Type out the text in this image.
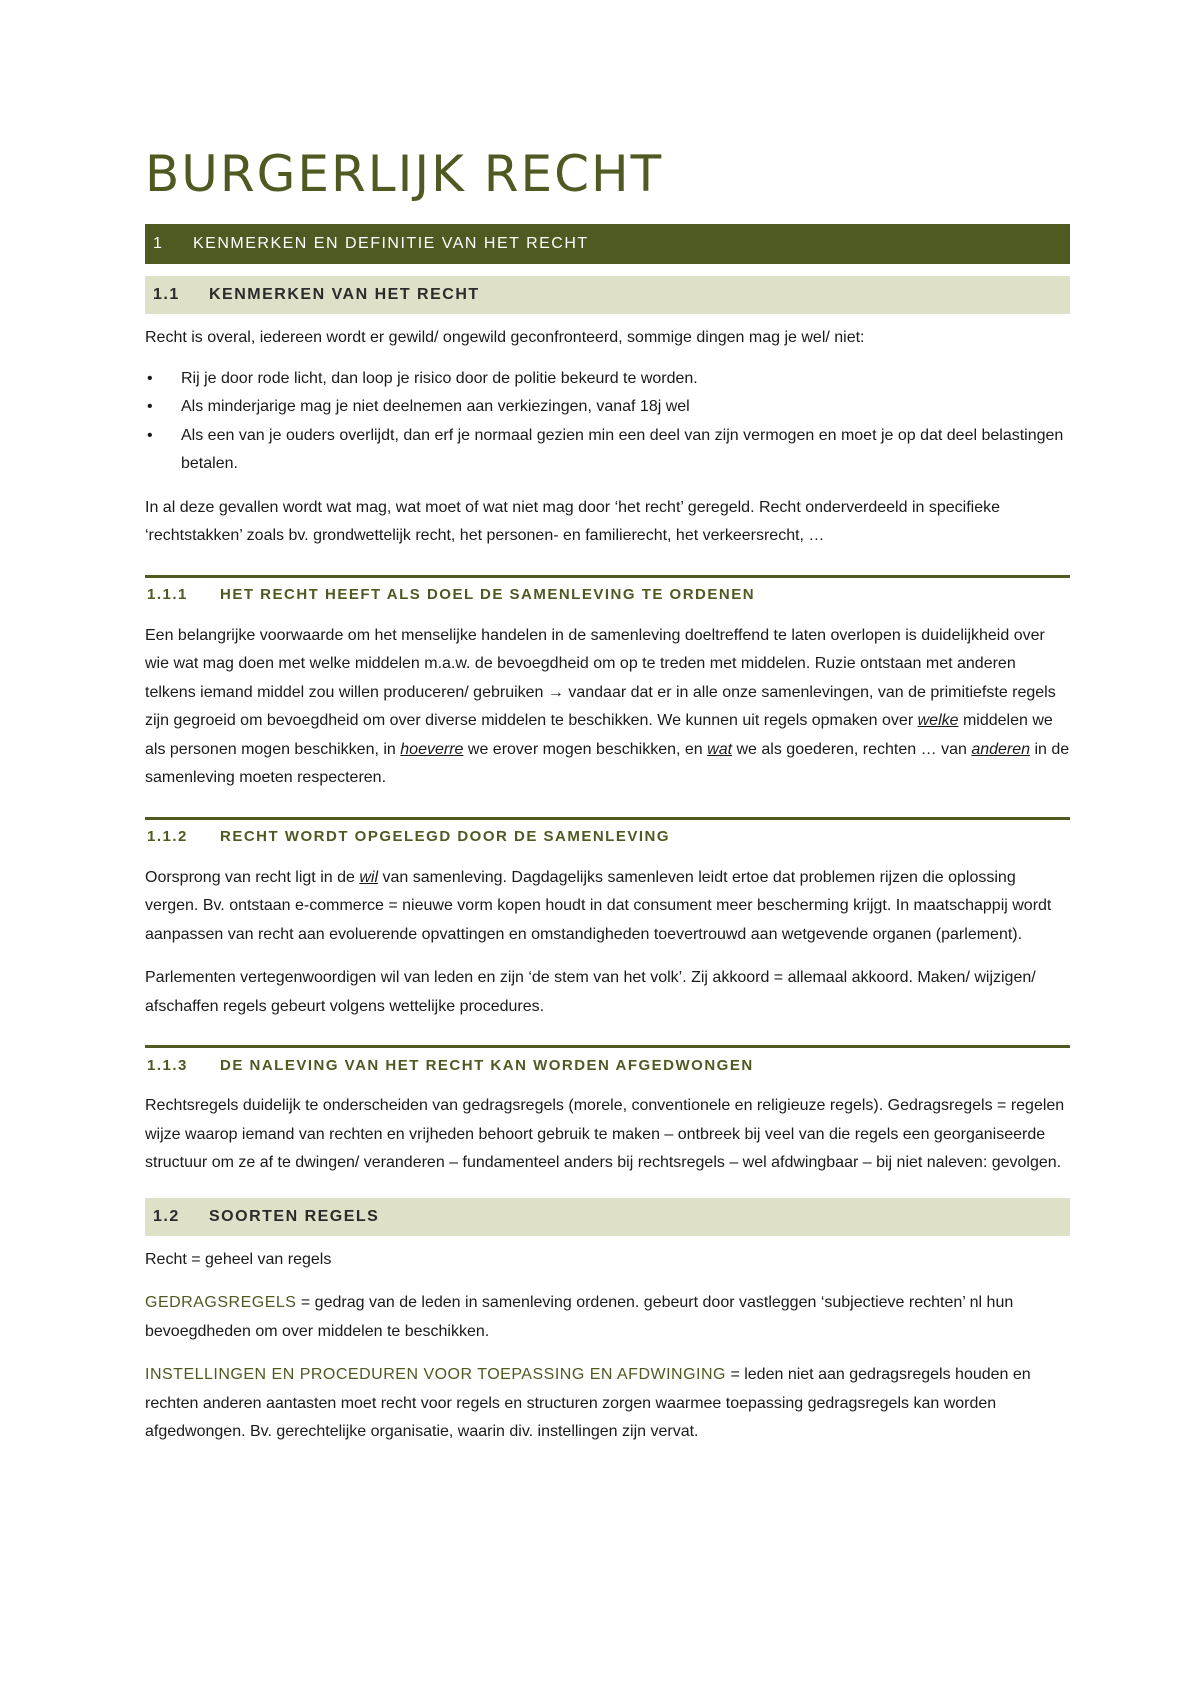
BURGERLIJK RECHT
1	KENMERKEN EN DEFINITIE VAN HET RECHT
1.1	KENMERKEN VAN HET RECHT

Recht is overal, iedereen wordt er gewild/ ongewild geconfronteerd, sommige dingen mag je wel/ niet:

• Rij je door rode licht, dan loop je risico door de politie bekeurd te worden.
• Als minderjarige mag je niet deelnemen aan verkiezingen, vanaf 18j wel
• Als een van je ouders overlijdt, dan erf je normaal gezien min een deel van zijn vermogen en moet je op dat deel belastingen betalen.

In al deze gevallen wordt wat mag, wat moet of wat niet mag door ‘het recht’ geregeld. Recht onderverdeeld in specifieke ‘rechtstakken’ zoals bv. grondwettelijk recht, het personen- en familierecht, het verkeersrecht, …

1.1.1	HET RECHT HEEFT ALS DOEL DE SAMENLEVING TE ORDENEN

Een belangrijke voorwaarde om het menselijke handelen in de samenleving doeltreffend te laten overlopen is duidelijkheid over wie wat mag doen met welke middelen m.a.w. de bevoegdheid om op te treden met middelen. Ruzie ontstaan met anderen telkens iemand middel zou willen produceren/ gebruiken → vandaar dat er in alle onze samenlevingen, van de primitiefste regels zijn gegroeid om bevoegdheid om over diverse middelen te beschikken. We kunnen uit regels opmaken over welke middelen we als personen mogen beschikken, in hoeverre we erover mogen beschikken, en wat we als goederen, rechten … van anderen in de samenleving moeten respecteren.

1.1.2	RECHT WORDT OPGELEGD DOOR DE SAMENLEVING

Oorsprong van recht ligt in de wil van samenleving. Dagdagelijks samenleven leidt ertoe dat problemen rijzen die oplossing vergen. Bv. ontstaan e-commerce = nieuwe vorm kopen houdt in dat consument meer bescherming krijgt. In maatschappij wordt aanpassen van recht aan evoluerende opvattingen en omstandigheden toevertrouwd aan wetgevende organen (parlement).

Parlementen vertegenwoordigen wil van leden en zijn ‘de stem van het volk’. Zij akkoord = allemaal akkoord. Maken/ wijzigen/ afschaffen regels gebeurt volgens wettelijke procedures.

1.1.3	DE NALEVING VAN HET RECHT KAN WORDEN AFGEDWONGEN

Rechtsregels duidelijk te onderscheiden van gedragsregels (morele, conventionele en religieuze regels). Gedragsregels = regelen wijze waarop iemand van rechten en vrijheden behoort gebruik te maken – ontbreek bij veel van die regels een georganiseerde structuur om ze af te dwingen/ veranderen – fundamenteel anders bij rechtsregels – wel afdwingbaar – bij niet naleven: gevolgen.

1.2	SOORTEN REGELS

Recht = geheel van regels

GEDRAGSREGELS = gedrag van de leden in samenleving ordenen. gebeurt door vastleggen ‘subjectieve rechten’ nl hun bevoegdheden om over middelen te beschikken.

INSTELLINGEN EN PROCEDUREN VOOR TOEPASSING EN AFDWINGING = leden niet aan gedragsregels houden en rechten anderen aantasten moet recht voor regels en structuren zorgen waarmee toepassing gedragsregels kan worden afgedwongen. Bv. gerechtelijke organisatie, waarin div. instellingen zijn vervat.
